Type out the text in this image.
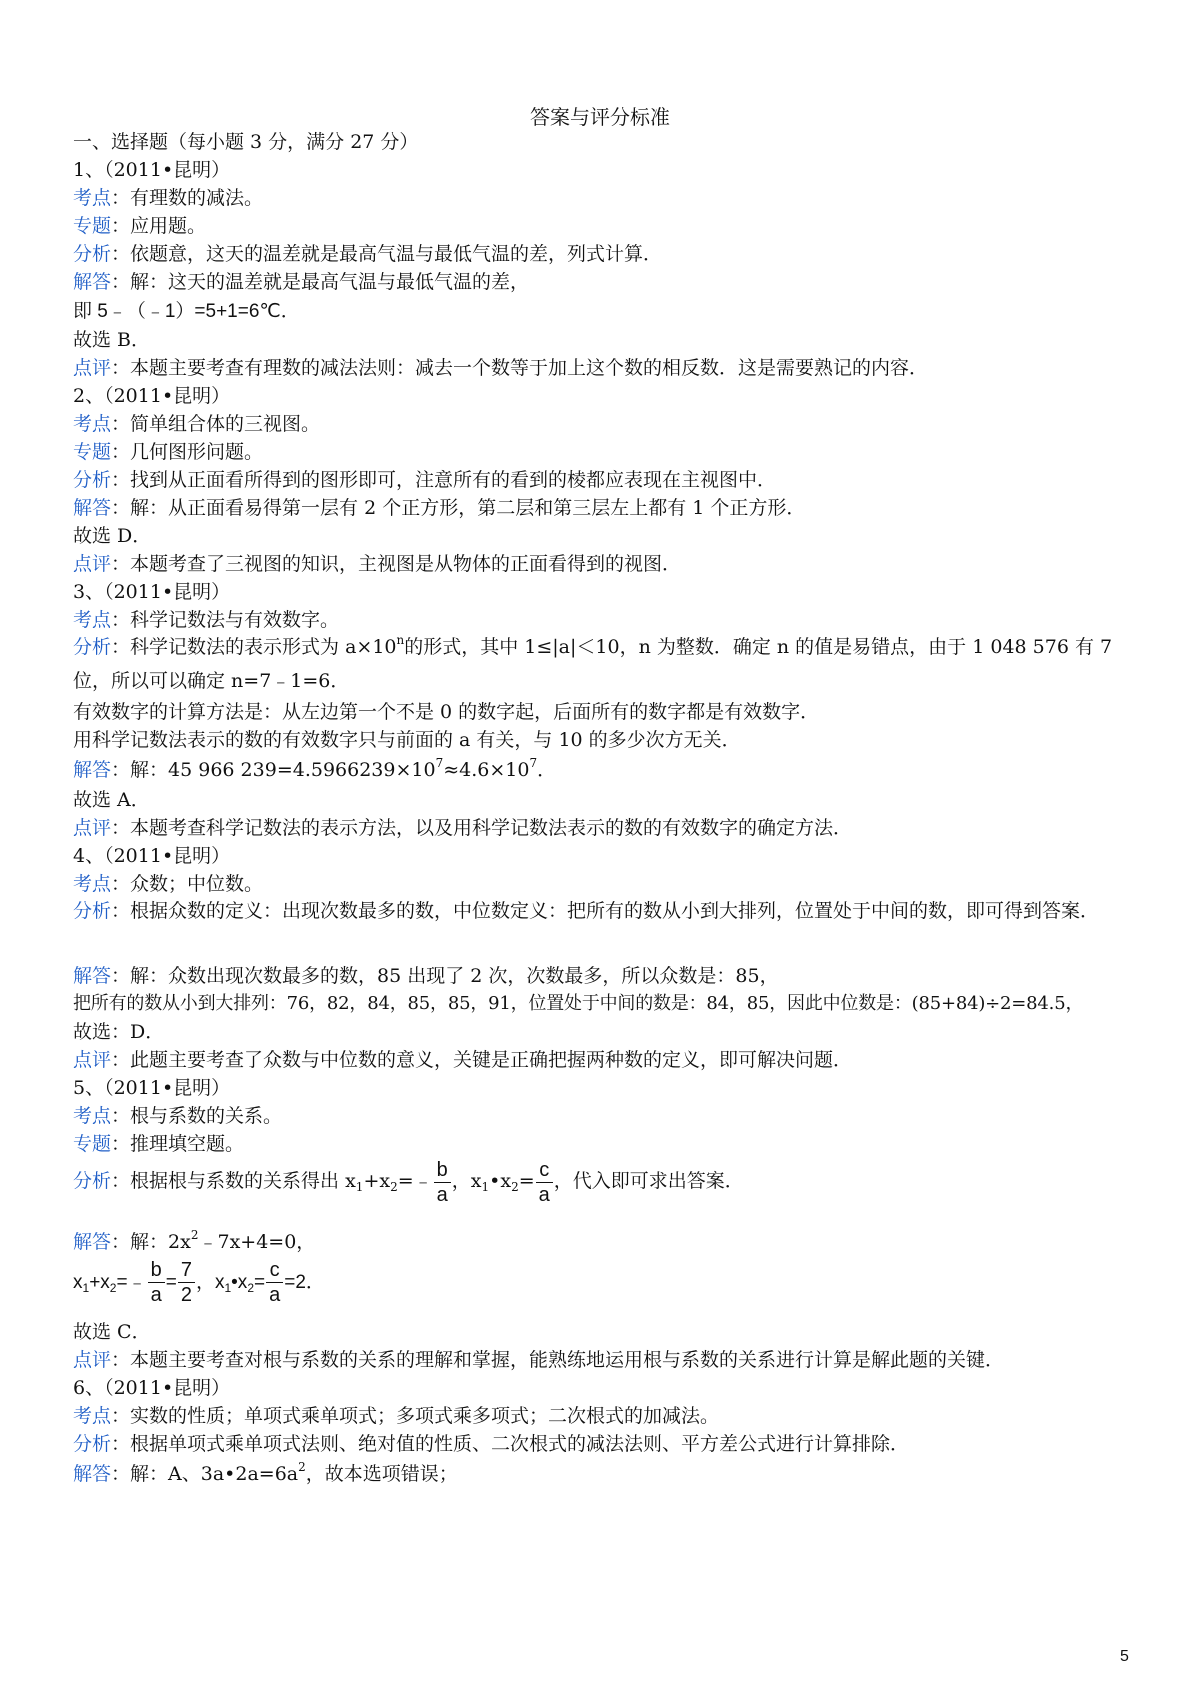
答案与评分标准
一、选择题（每小题 3 分，满分 27 分）
1、（2011•昆明）
考点：有理数的减法。
专题：应用题。
分析：依题意，这天的温差就是最高气温与最低气温的差，列式计算．
解答：解：这天的温差就是最高气温与最低气温的差，
即 5﹣（﹣1）=5+1=6℃．
故选 B．
点评：本题主要考查有理数的减法法则：减去一个数等于加上这个数的相反数．这是需要熟记的内容．
2、（2011•昆明）
考点：简单组合体的三视图。
专题：几何图形问题。
分析：找到从正面看所得到的图形即可，注意所有的看到的棱都应表现在主视图中．
解答：解：从正面看易得第一层有 2 个正方形，第二层和第三层左上都有 1 个正方形．
故选 D．
点评：本题考查了三视图的知识，主视图是从物体的正面看得到的视图．
3、（2011•昆明）
考点：科学记数法与有效数字。
分析：科学记数法的表示形式为 $a\times 10^n$的形式，其中 1≤|a|＜10，n 为整数．确定 n 的值是易错点，由于 1 048 576 有 7 位，所以可以确定 n=7﹣1=6．
有效数字的计算方法是：从左边第一个不是 0 的数字起，后面所有的数字都是有效数字．
用科学记数法表示的数的有效数字只与前面的 a 有关，与 10 的多少次方无关．
解答：解：45 966 $239=4.5966239\times 10^7\approx 4.6\times 10^7$．
故选 A．
点评：本题考查科学记数法的表示方法，以及用科学记数法表示的数的有效数字的确定方法．
4、（2011•昆明）
考点：众数；中位数。
分析：根据众数的定义：出现次数最多的数，中位数定义：把所有的数从小到大排列，位置处于中间的数，即可得到答案．
解答：解：众数出现次数最多的数，85 出现了 2 次，次数最多，所以众数是：85，
把所有的数从小到大排列：76，82，84，85，85，91，位置处于中间的数是：84，85，因此中位数是：(85+84)÷2=84.5，
故选：D．
点评：此题主要考查了众数与中位数的意义，关键是正确把握两种数的定义，即可解决问题．
5、（2011•昆明）
考点：根与系数的关系。
专题：推理填空题。
分析：根据根与系数的关系得出 $x_1+x_2=﹣ \frac{b}{a}$ ，$x_1•x_2= \frac{c}{a}$ ，代入即可求出答案．
解答：解：$2x^2﹣7x+4=0$，
$x_1+x_2=﹣ \frac{b}{a} = \frac{7}{2}$ ，$x_1•x_2= \frac{c}{a} =2$．
故选 C．
点评：本题主要考查对根与系数的关系的理解和掌握，能熟练地运用根与系数的关系进行计算是解此题的关键．
6、（2011•昆明）
考点：实数的性质；单项式乘单项式；多项式乘多项式；二次根式的加减法。
分析：根据单项式乘单项式法则、绝对值的性质、二次根式的减法法则、平方差公式进行计算排除．
解答：解：A、$3a•2a=6a^2$，故本选项错误；
5
